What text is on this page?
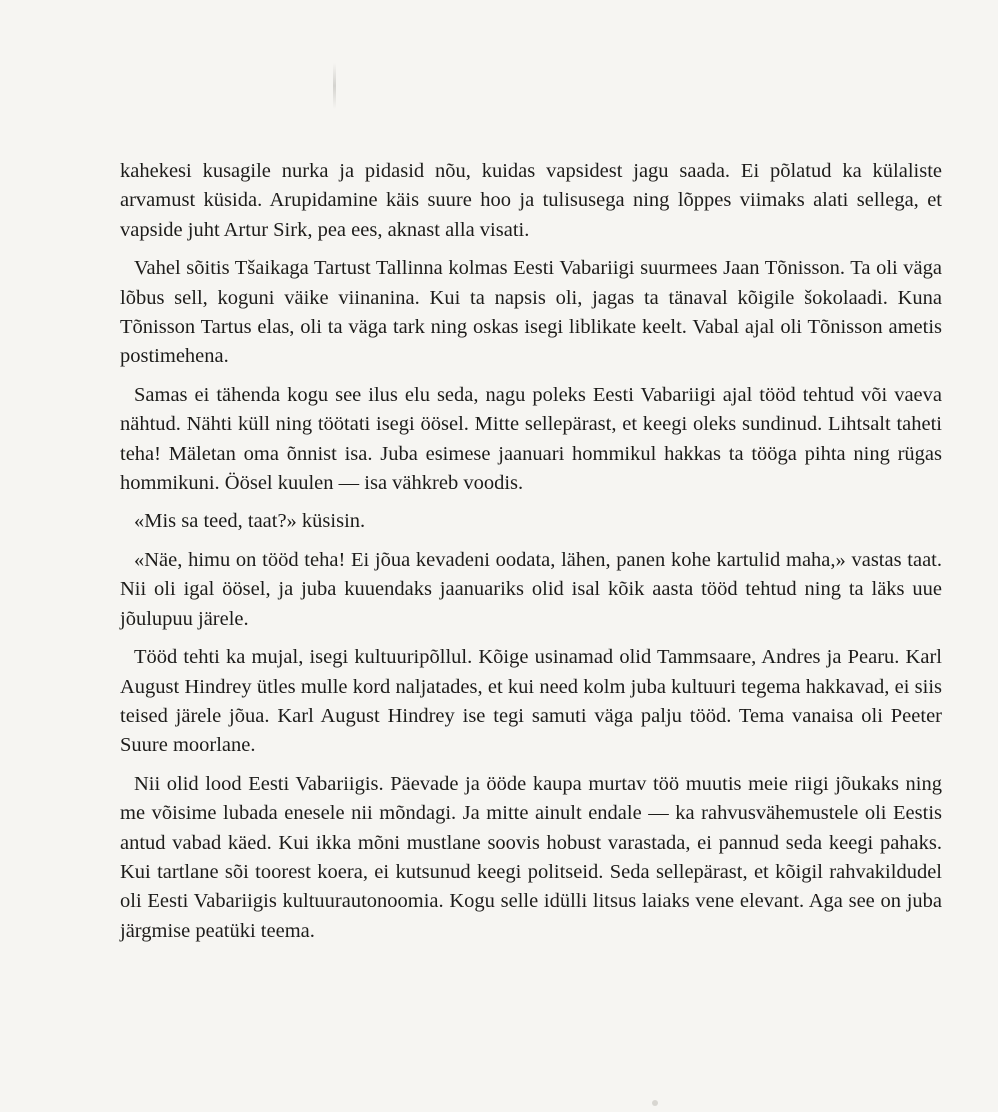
kahekesi kusagile nurka ja pidasid nõu, kuidas vapsidest jagu saada. Ei põlatud ka külaliste arvamust küsida. Arupidamine käis suure hoo ja tulisusega ning lõppes viimaks alati sellega, et vapside juht Artur Sirk, pea ees, aknast alla visati.

Vahel sõitis Tšaikaga Tartust Tallinna kolmas Eesti Vabariigi suurmees Jaan Tõnisson. Ta oli väga lõbus sell, koguni väike viinanina. Kui ta napsis oli, jagas ta tänaval kõigile šokolaadi. Kuna Tõnisson Tartus elas, oli ta väga tark ning oskas isegi liblikate keelt. Vabal ajal oli Tõnisson ametis postimehena.

Samas ei tähenda kogu see ilus elu seda, nagu poleks Eesti Vabariigi ajal tööd tehtud või vaeva nähtud. Nähti küll ning töötati isegi öösel. Mitte sellepärast, et keegi oleks sundinud. Lihtsalt taheti teha! Mäletan oma õnnist isa. Juba esimese jaanuari hommikul hakkas ta tööga pihta ning rügas hommikuni. Öösel kuulen — isa vähkreb voodis.

«Mis sa teed, taat?» küsisin.

«Näe, himu on tööd teha! Ei jõua kevadeni oodata, lähen, panen kohe kartulid maha,» vastas taat. Nii oli igal öösel, ja juba kuuendaks jaanuariks olid isal kõik aasta tööd tehtud ning ta läks uue jõulupuu järele.

Tööd tehti ka mujal, isegi kultuuripõllul. Kõige usinamad olid Tammsaare, Andres ja Pearu. Karl August Hindrey ütles mulle kord naljatades, et kui need kolm juba kultuuri tegema hakkavad, ei siis teised järele jõua. Karl August Hindrey ise tegi samuti väga palju tööd. Tema vanaisa oli Peeter Suure moorlane.

Nii olid lood Eesti Vabariigis. Päevade ja ööde kaupa murtav töö muutis meie riigi jõukaks ning me võisime lubada enesele nii mõndagi. Ja mitte ainult endale — ka rahvusvähemustele oli Eestis antud vabad käed. Kui ikka mõni mustlane soovis hobust varastada, ei pannud seda keegi pahaks. Kui tartlane sõi toorest koera, ei kutsunud keegi politseid. Seda sellepärast, et kõigil rahvakildudel oli Eesti Vabariigis kultuurautonoomia. Kogu selle idülli litsus laiaks vene elevant. Aga see on juba järgmise peatüki teema.
